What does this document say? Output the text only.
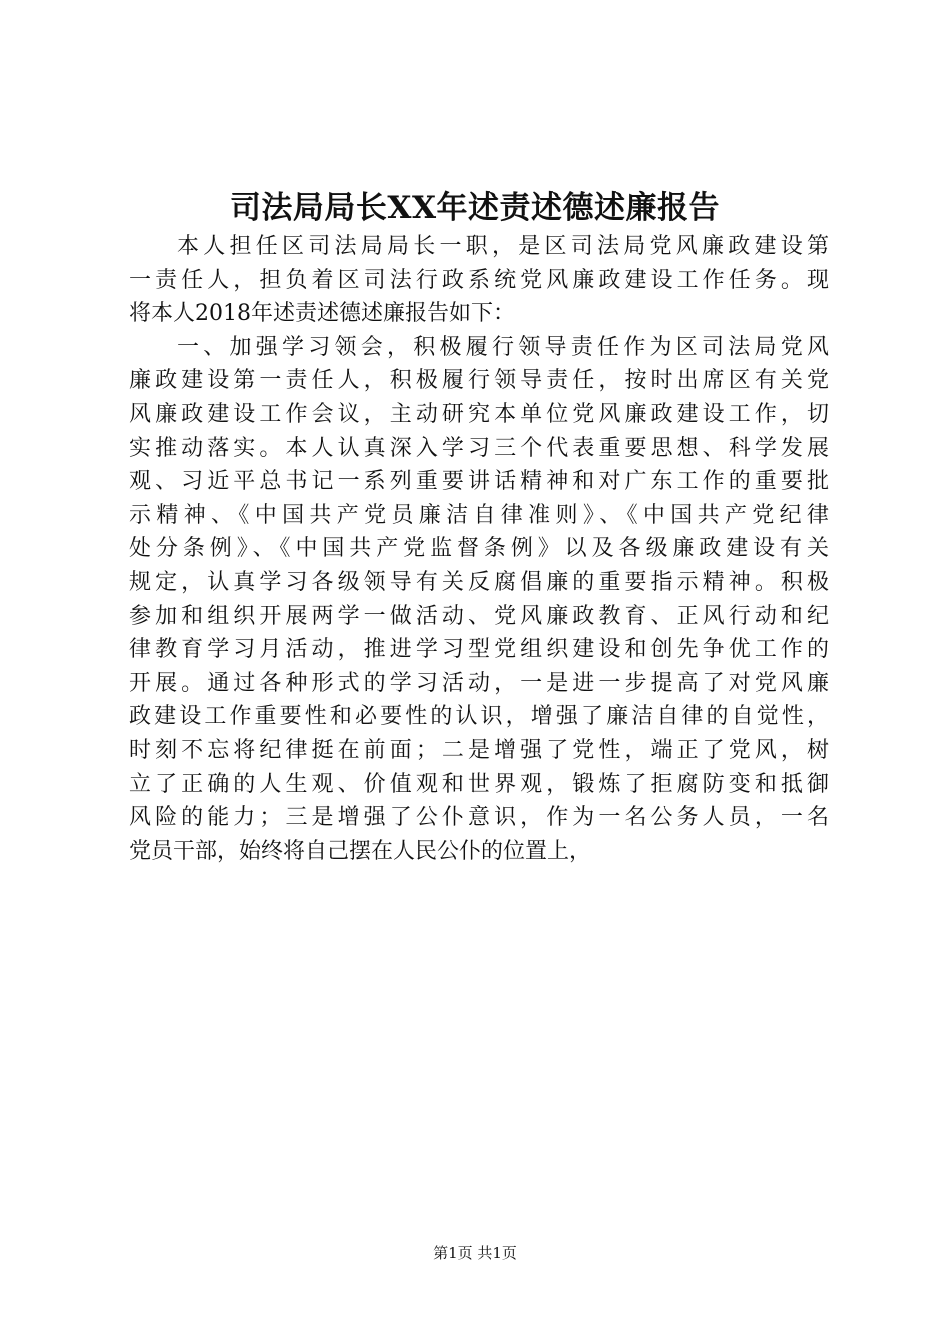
司法局局长XX年述责述德述廉报告
本人担任区司法局局长一职，是区司法局党风廉政建设第
一责任人，担负着区司法行政系统党风廉政建设工作任务。现
将本人2018年述责述德述廉报告如下：
一、加强学习领会，积极履行领导责任作为区司法局党风
廉政建设第一责任人，积极履行领导责任，按时出席区有关党
风廉政建设工作会议，主动研究本单位党风廉政建设工作，切
实推动落实。本人认真深入学习三个代表重要思想、科学发展
观、习近平总书记一系列重要讲话精神和对广东工作的重要批
示精神、《中国共产党员廉洁自律准则》、《中国共产党纪律
处分条例》、《中国共产党监督条例》以及各级廉政建设有关
规定，认真学习各级领导有关反腐倡廉的重要指示精神。积极
参加和组织开展两学一做活动、党风廉政教育、正风行动和纪
律教育学习月活动，推进学习型党组织建设和创先争优工作的
开展。通过各种形式的学习活动，一是进一步提高了对党风廉
政建设工作重要性和必要性的认识，增强了廉洁自律的自觉性，
时刻不忘将纪律挺在前面；二是增强了党性，端正了党风，树
立了正确的人生观、价值观和世界观，锻炼了拒腐防变和抵御
风险的能力；三是增强了公仆意识，作为一名公务人员，一名
党员干部，始终将自己摆在人民公仆的位置上，
第1页 共1页
